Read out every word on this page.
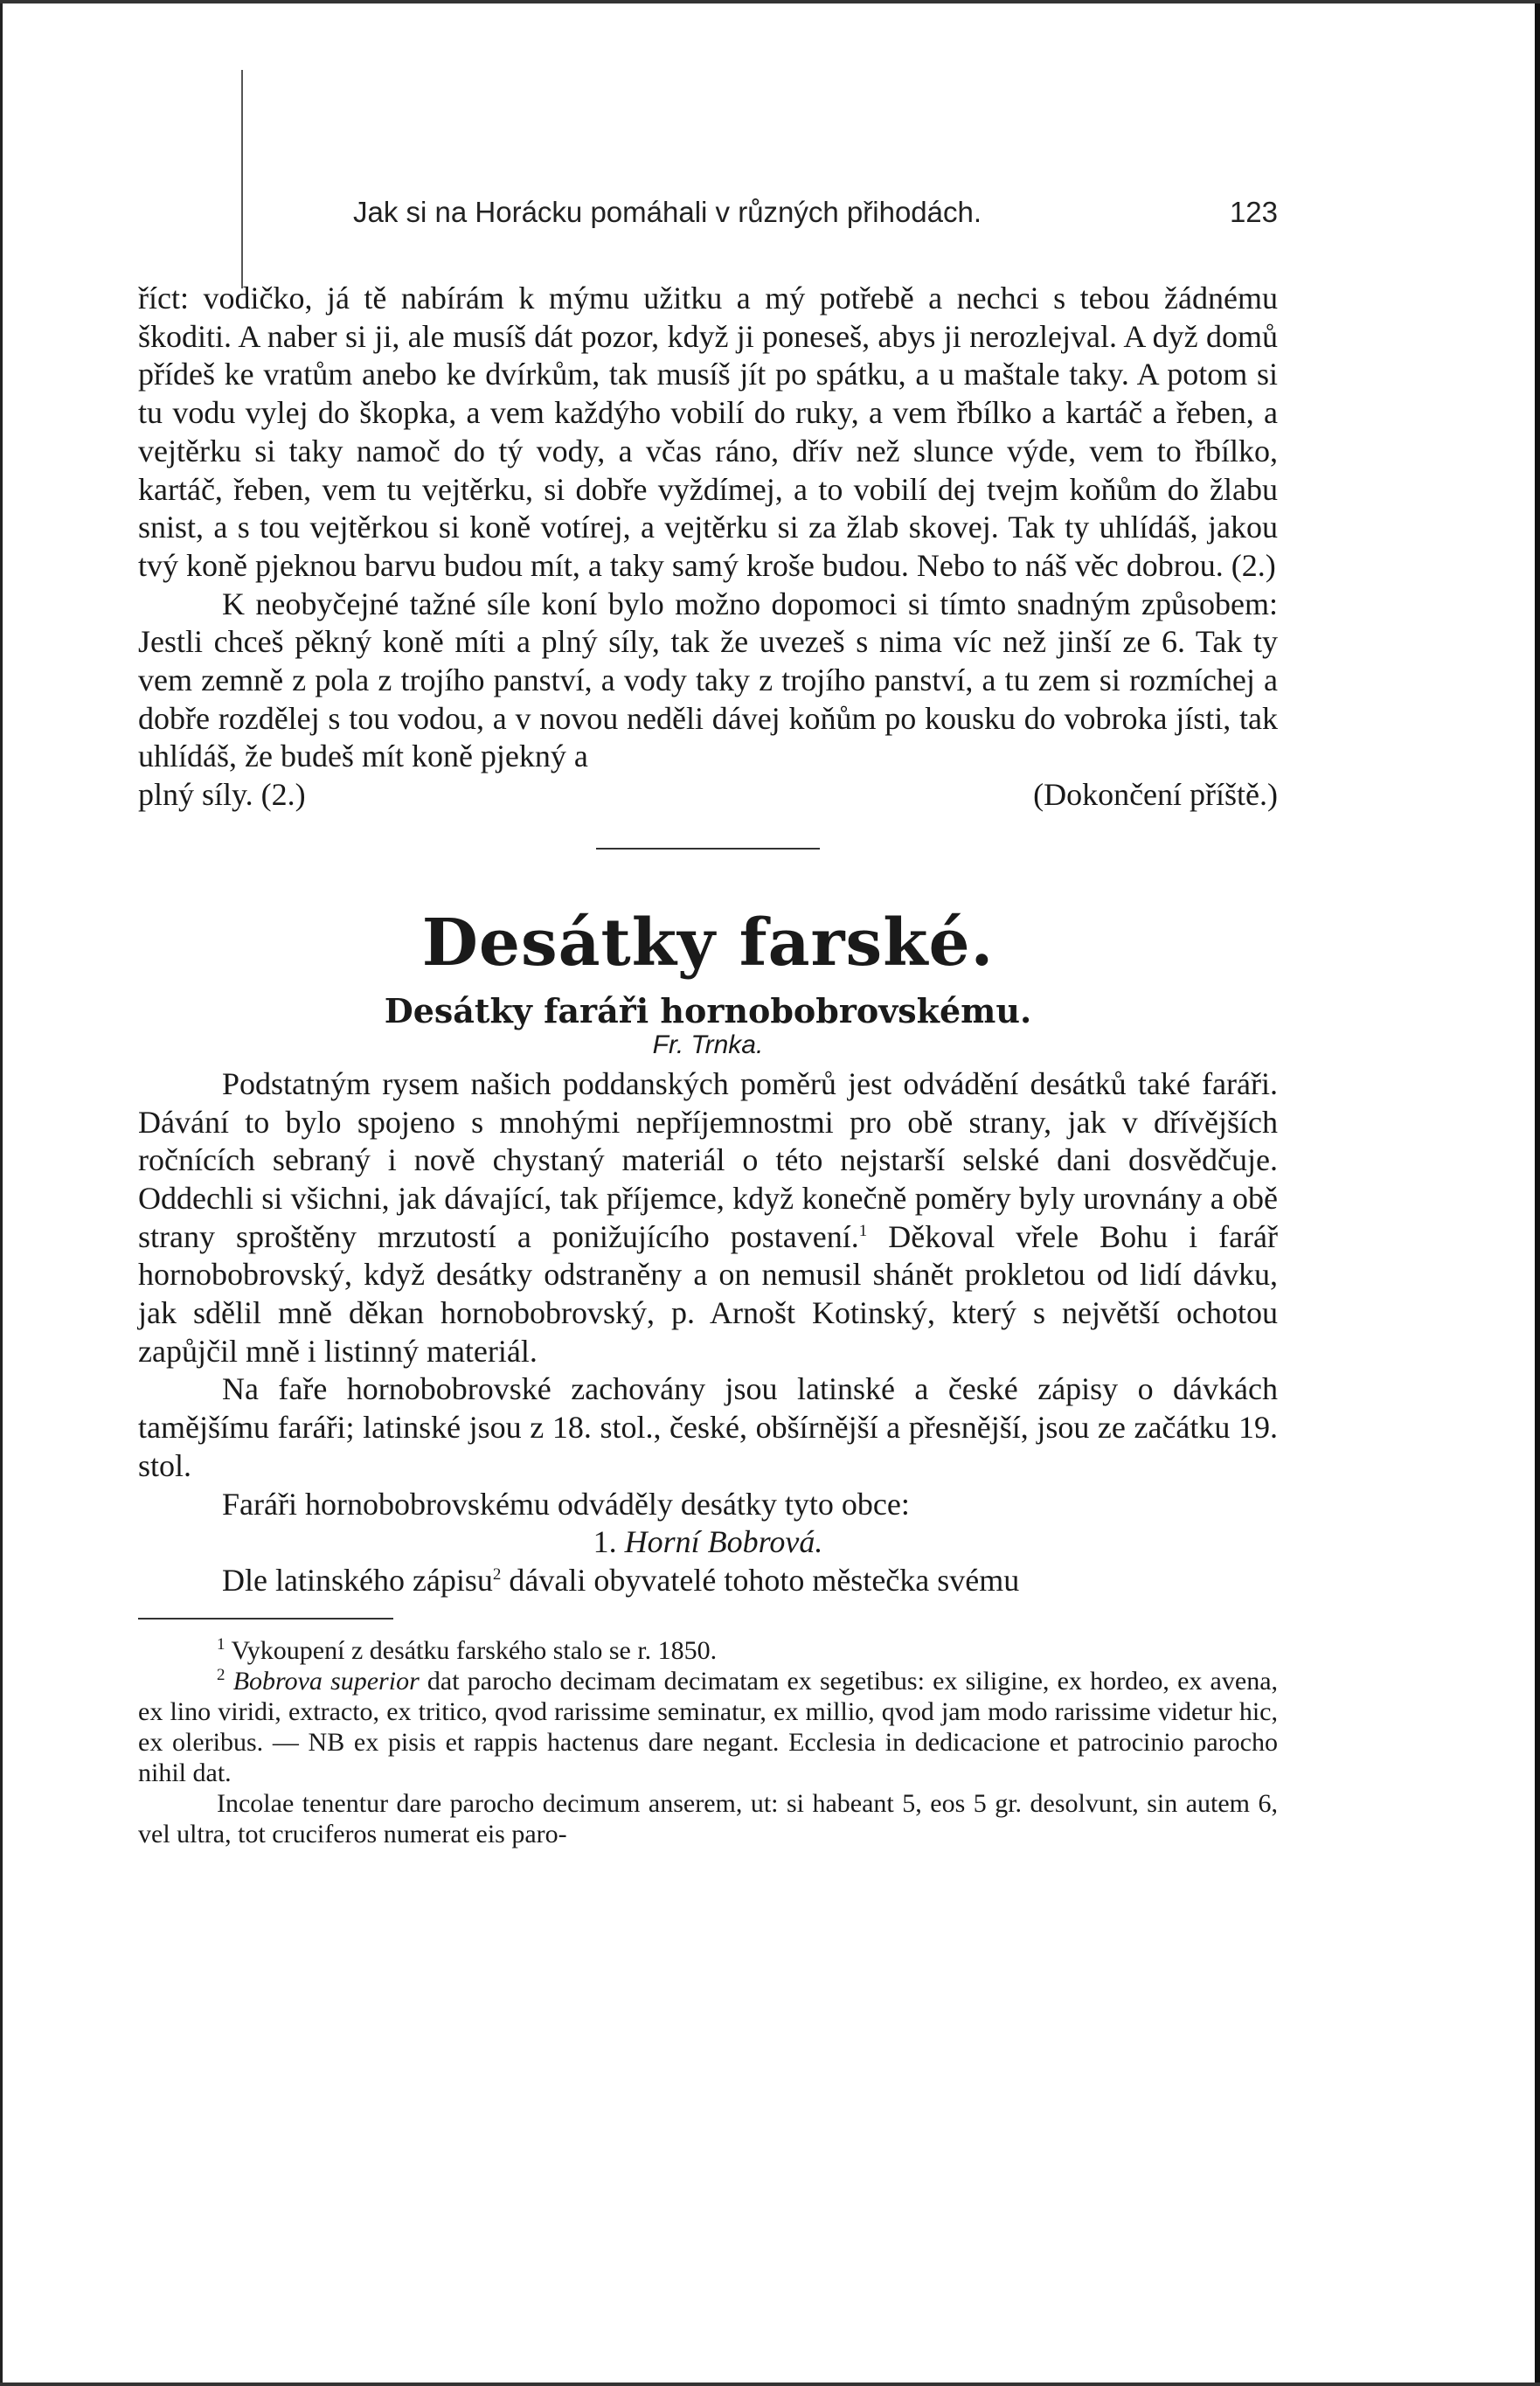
Jak si na Horácku pomáhali v různých přihodách.	123

říct: vodičko, já tě nabírám k mýmu užitku a mý potřebě a nechci s tebou žádnému škoditi. A naber si ji, ale musíš dát pozor, když ji poneseš, abys ji nerozlejval. A dyž domů přídeš ke vratům anebo ke dvírkům, tak musíš jít po spátku, a u maštale taky. A potom si tu vodu vylej do škopka, a vem každýho vobilí do ruky, a vem řbílko a kartáč a řeben, a vejtěrku si taky namoč do tý vody, a včas ráno, dřív než slunce výde, vem to řbílko, kartáč, řeben, vem tu vejtěrku, si dobře vyždímej, a to vobilí dej tvejm koňům do žlabu snist, a s tou vejtěrkou si koně votírej, a vejtěrku si za žlab skovej. Tak ty uhlídáš, jakou tvý koně pjeknou barvu budou mít, a taky samý kroše budou. Nebo to náš věc dobrou. (2.)

K neobyčejné tažné síle koní bylo možno dopomoci si tímto snadným způsobem: Jestli chceš pěkný koně míti a plný síly, tak že uvezeš s nima víc než jinší ze 6. Tak ty vem zemně z pola z trojího panství, a vody taky z trojího panství, a tu zem si rozmíchej a dobře rozdělej s tou vodou, a v novou neděli dávej koňům po kousku do vobroka jísti, tak uhlídáš, že budeš mít koně pjekný a

plný síly. (2.)	(Dokončení příště.)
Desátky farské.
Desátky faráři hornobobrovskému.
Fr. Trnka.

Podstatným rysem našich poddanských poměrů jest odvádění desátků také faráři. Dávání to bylo spojeno s mnohými nepříjemnostmi pro obě strany, jak v dřívějších ročnících sebraný i nově chystaný materiál o této nejstarší selské dani dosvědčuje. Oddechli si všichni, jak dávající, tak příjemce, když konečně poměry byly urovnány a obě strany sproštěny mrzutostí a ponižujícího postavení.$^1$ Děkoval vřele Bohu i farář hornobobrovský, když desátky odstraněny a on nemusil shánět prokletou od lidí dávku, jak sdělil mně děkan hornobobrovský, p. Arnošt Kotinský, který s největší ochotou zapůjčil mně i listinný materiál.

Na faře hornobobrovské zachovány jsou latinské a české zápisy o dávkách tamějšímu faráři; latinské jsou z 18. stol., české, obšírnější a přesnější, jsou ze začátku 19. stol.

Faráři hornobobrovskému odváděly desátky tyto obce:

1. Horní Bobrová.

Dle latinského zápisu$^2$ dávali obyvatelé tohoto městečka svému

$^1$ Vykoupení z desátku farského stalo se r. 1850.

$^2$ Bobrova superior dat parocho decimam decimatam ex segetibus: ex siligine, ex hordeo, ex avena, ex lino viridi, extracto, ex tritico, qvod rarissime seminatur, ex millio, qvod jam modo rarissime videtur hic, ex oleribus. — NB ex pisis et rappis hactenus dare negant. Ecclesia in dedicacione et patrocinio parocho nihil dat.

Incolae tenentur dare parocho decimum anserem, ut: si habeant 5, eos 5 gr. desolvunt, sin autem 6, vel ultra, tot cruciferos numerat eis paro-
